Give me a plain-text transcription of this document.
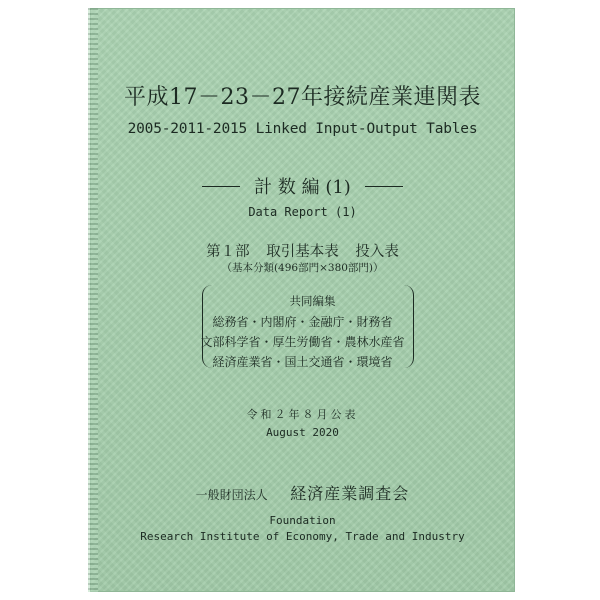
平成17－23－27年接続産業連関表
2005-2011-2015 Linked Input-Output Tables
計 数 編 (1)
Data Report (1)
第１部 取引基本表 投入表
（基本分類(496部門×380部門)）
共同編集
総務省・内閣府・金融庁・財務省
文部科学省・厚生労働省・農林水産省
経済産業省・国土交通省・環境省
令和２年８月公表
August 2020
一般財団法人 経済産業調査会
Foundation
Research Institute of Economy, Trade and Industry
